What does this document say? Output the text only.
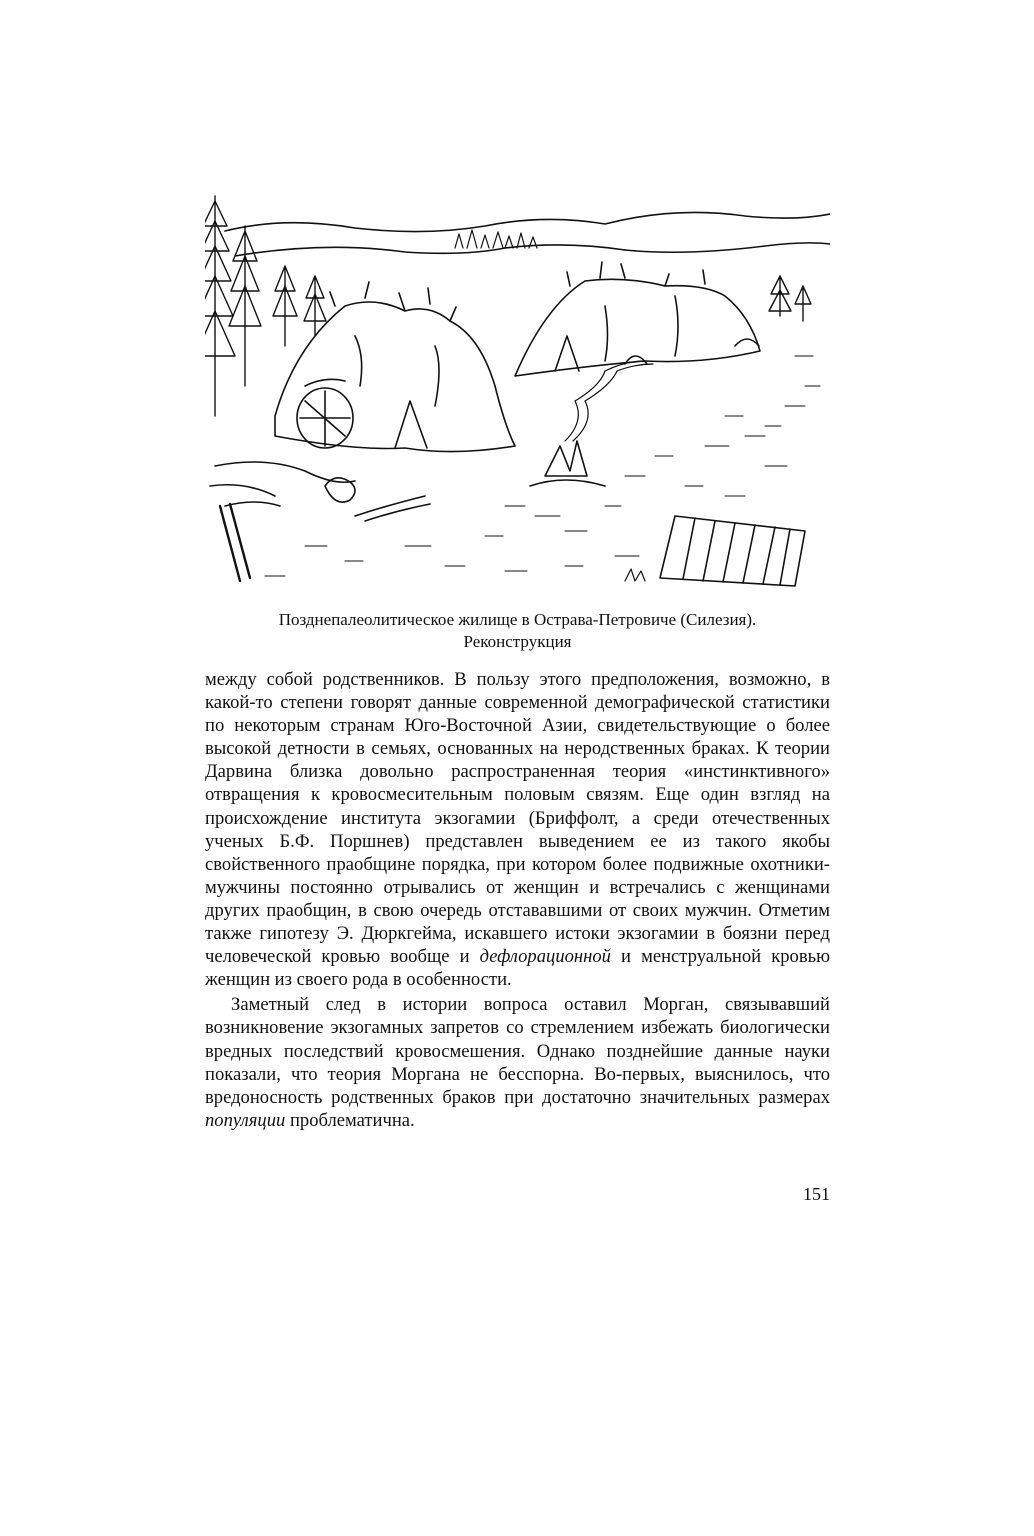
Позднепалеолитическое жилище в Острава-Петровиче (Силезия).
Реконструкция

между собой родственников. В пользу этого предположения, возможно, в какой-то степени говорят данные современной демографической статистики по некоторым странам Юго-Восточной Азии, свидетельствующие о более высокой детности в семьях, основанных на неродственных браках. К теории Дарвина близка довольно распространенная теория «инстинктивного» отвращения к кровосмесительным половым связям. Еще один взгляд на происхождение института экзогамии (Бриффолт, а среди отечественных ученых Б.Ф. Поршнев) представлен выведением ее из такого якобы свойственного праобщине порядка, при котором более подвижные охотники-мужчины постоянно отрывались от женщин и встречались с женщинами других праобщин, в свою очередь отстававшими от своих мужчин. Отметим также гипотезу Э. Дюркгейма, искавшего истоки экзогамии в боязни перед человеческой кровью вообще и дефлорационной и менструальной кровью женщин из своего рода в особенности.

Заметный след в истории вопроса оставил Морган, связывавший возникновение экзогамных запретов со стремлением избежать биологически вредных последствий кровосмешения. Однако позднейшие данные науки показали, что теория Моргана не бесспорна. Во-первых, выяснилось, что вредоносность родственных браков при достаточно значительных размерах популяции проблематична.

151
